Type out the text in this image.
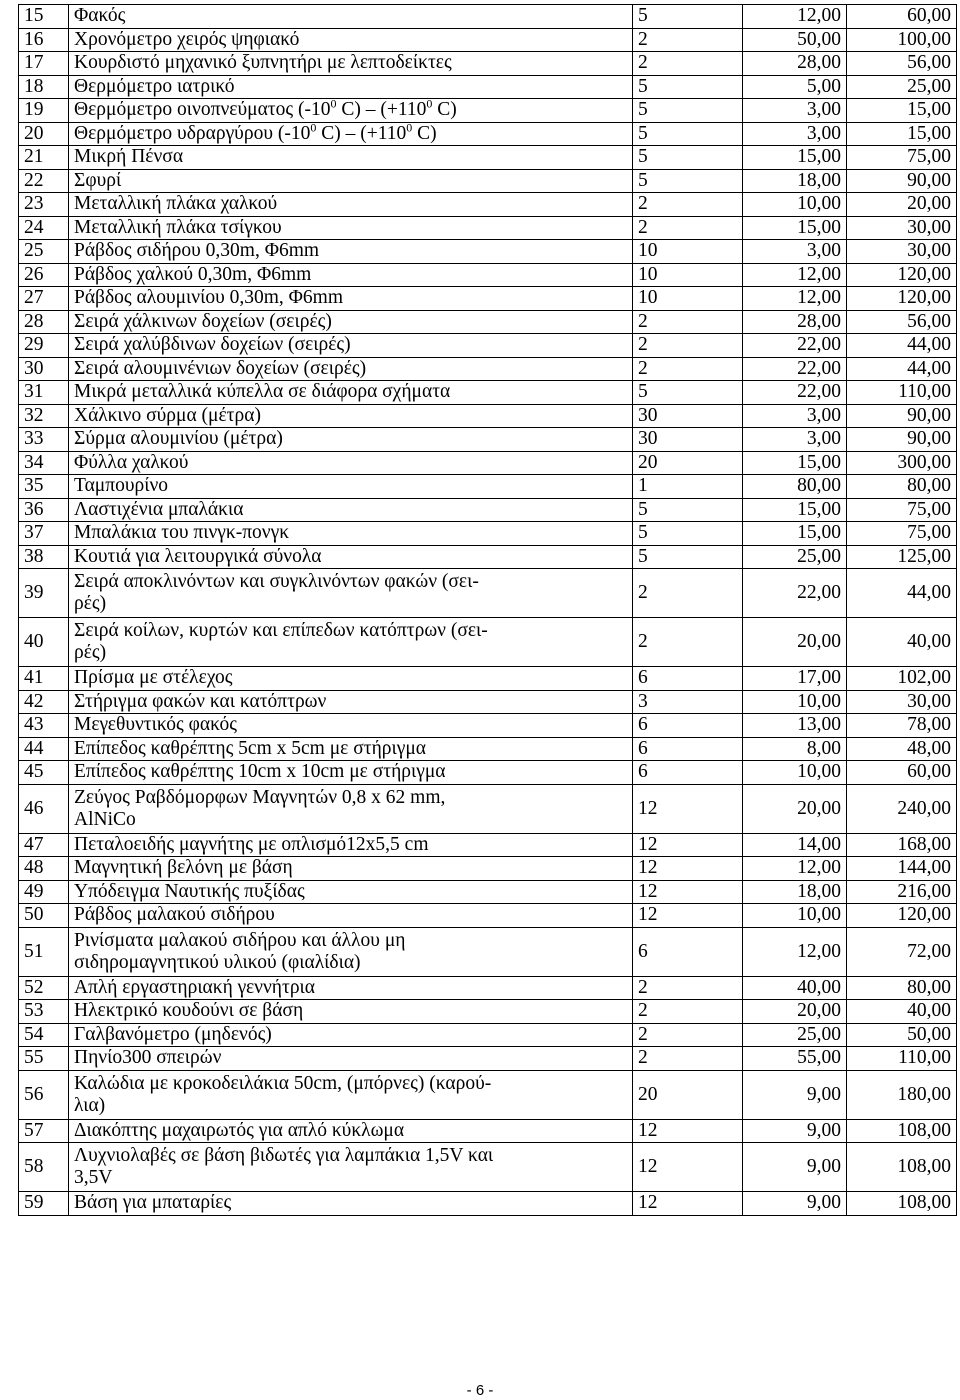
15	Φακός	5	12,00	60,00
16	Χρονόμετρο χειρός ψηφιακό	2	50,00	100,00
17	Κουρδιστό μηχανικό ξυπνητήρι με λεπτοδείκτες	2	28,00	56,00
18	Θερμόμετρο ιατρικό	5	5,00	25,00
19	Θερμόμετρο οινοπνεύματος ($-10^0$ $C) - (+110^0$ C)	5	3,00	15,00
20	Θερμόμετρο υδραργύρου ($-10^0$ $C) - (+110^0$ C)	5	3,00	15,00
21	Μικρή Πένσα	5	15,00	75,00
22	Σφυρί	5	18,00	90,00
23	Μεταλλική πλάκα χαλκού	2	10,00	20,00
24	Μεταλλική πλάκα τσίγκου	2	15,00	30,00
25	Ράβδος σιδήρου 0,30m, Φ6mm	10	3,00	30,00
26	Ράβδος χαλκού 0,30m, Φ6mm	10	12,00	120,00
27	Ράβδος αλουμινίου 0,30m, Φ6mm	10	12,00	120,00
28	Σειρά χάλκινων δοχείων (σειρές)	2	28,00	56,00
29	Σειρά χαλύβδινων δοχείων (σειρές)	2	22,00	44,00
30	Σειρά αλουμινένιων δοχείων (σειρές)	2	22,00	44,00
31	Μικρά μεταλλικά κύπελλα σε διάφορα σχήματα	5	22,00	110,00
32	Χάλκινο σύρμα (μέτρα)	30	3,00	90,00
33	Σύρμα αλουμινίου (μέτρα)	30	3,00	90,00
34	Φύλλα χαλκού	20	15,00	300,00
35	Ταμπουρίνο	1	80,00	80,00
36	Λαστιχένια μπαλάκια	5	15,00	75,00
37	Μπαλάκια του πινγκ-πονγκ	5	15,00	75,00
38	Κουτιά για λειτουργικά σύνολα	5	25,00	125,00
39	Σειρά αποκλινόντων και συγκλινόντων φακών (σει-
ρές)	2	22,00	44,00
40	Σειρά κοίλων, κυρτών και επίπεδων κατόπτρων (σει-
ρές)	2	20,00	40,00
41	Πρίσμα με στέλεχος	6	17,00	102,00
42	Στήριγμα φακών και κατόπτρων	3	10,00	30,00
43	Μεγεθυντικός φακός	6	13,00	78,00
44	Επίπεδος καθρέπτης 5cm x 5cm με στήριγμα	6	8,00	48,00
45	Επίπεδος καθρέπτης 10cm x 10cm με στήριγμα	6	10,00	60,00
46	Ζεύγος Ραβδόμορφων Μαγνητών 0,8 x 62 mm,
AlNiCo	12	20,00	240,00
47	Πεταλοειδής μαγνήτης με οπλισμό12x5,5 cm	12	14,00	168,00
48	Μαγνητική βελόνη με βάση	12	12,00	144,00
49	Υπόδειγμα Ναυτικής πυξίδας	12	18,00	216,00
50	Ράβδος μαλακού σιδήρου	12	10,00	120,00
51	Ρινίσματα μαλακού σιδήρου και άλλου μη
σιδηρομαγνητικού υλικού (φιαλίδια)	6	12,00	72,00
52	Απλή εργαστηριακή γεννήτρια	2	40,00	80,00
53	Ηλεκτρικό κουδούνι σε βάση	2	20,00	40,00
54	Γαλβανόμετρο (μηδενός)	2	25,00	50,00
55	Πηνίο300 σπειρών	2	55,00	110,00
56	Καλώδια με κροκοδειλάκια 50cm, (μπόρνες) (καρού-
λια)	20	9,00	180,00
57	Διακόπτης μαχαιρωτός για απλό κύκλωμα	12	9,00	108,00
58	Λυχνιολαβές σε βάση βιδωτές για λαμπάκια 1,5V και
3,5V	12	9,00	108,00
59	Βάση για μπαταρίες	12	9,00	108,00
- 6 -
